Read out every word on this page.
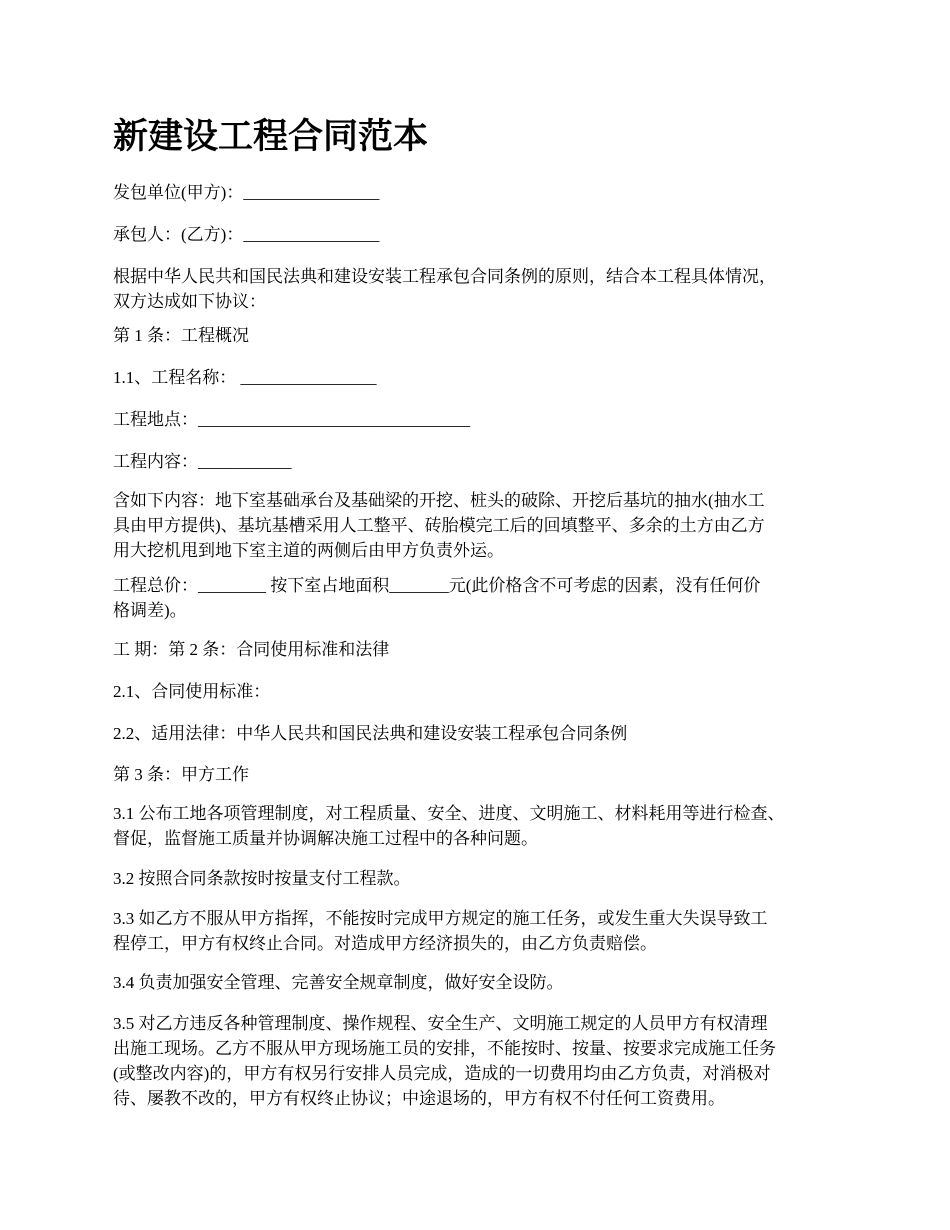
新建设工程合同范本

发包单位(甲方)：________________

承包人：(乙方)：________________

根据中华人民共和国民法典和建设安装工程承包合同条例的原则，结合本工程具体情况，
双方达成如下协议：

第 1 条：工程概况

1.1、工程名称： ________________

工程地点：________________________________

工程内容：___________

含如下内容：地下室基础承台及基础梁的开挖、桩头的破除、开挖后基坑的抽水(抽水工
具由甲方提供)、基坑基槽采用人工整平、砖胎模完工后的回填整平、多余的土方由乙方
用大挖机甩到地下室主道的两侧后由甲方负责外运。

工程总价：________ 按下室占地面积_______元(此价格含不可考虑的因素，没有任何价
格调差)。

工 期：第 2 条：合同使用标准和法律

2.1、合同使用标准：

2.2、适用法律：中华人民共和国民法典和建设安装工程承包合同条例

第 3 条：甲方工作

3.1 公布工地各项管理制度，对工程质量、安全、进度、文明施工、材料耗用等进行检查、
督促，监督施工质量并协调解决施工过程中的各种问题。

3.2 按照合同条款按时按量支付工程款。

3.3 如乙方不服从甲方指挥，不能按时完成甲方规定的施工任务，或发生重大失误导致工
程停工，甲方有权终止合同。对造成甲方经济损失的，由乙方负责赔偿。

3.4 负责加强安全管理、完善安全规章制度，做好安全设防。

3.5 对乙方违反各种管理制度、操作规程、安全生产、文明施工规定的人员甲方有权清理
出施工现场。乙方不服从甲方现场施工员的安排，不能按时、按量、按要求完成施工任务
(或整改内容)的，甲方有权另行安排人员完成，造成的一切费用均由乙方负责，对消极对
待、屡教不改的，甲方有权终止协议；中途退场的，甲方有权不付任何工资费用。
